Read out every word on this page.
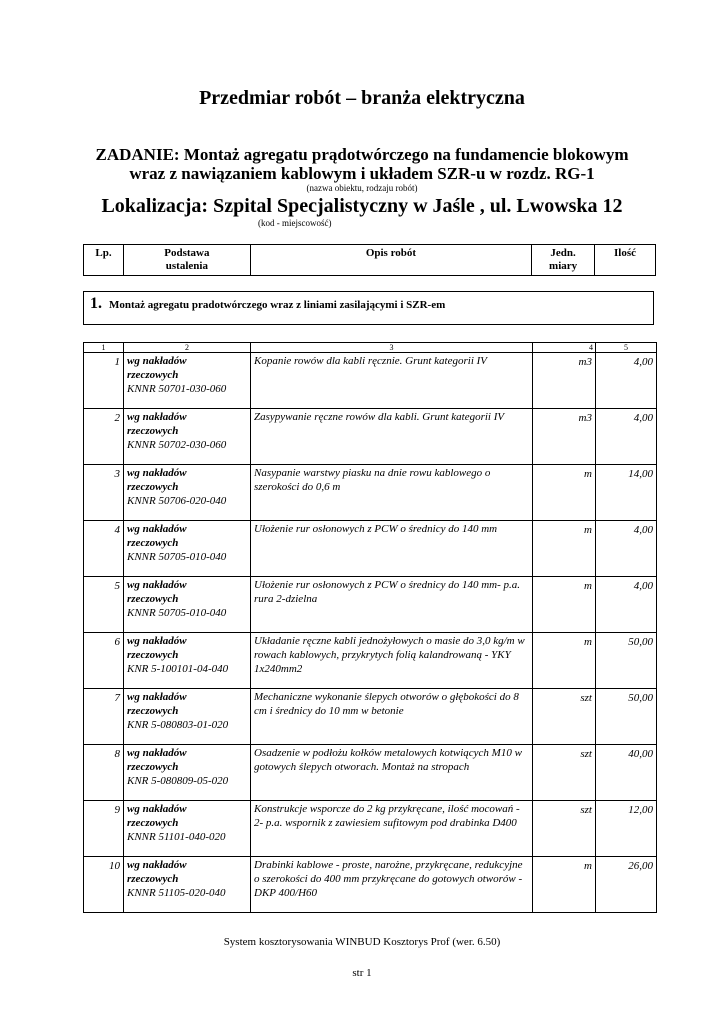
Przedmiar robót – branża elektryczna
ZADANIE: Montaż agregatu prądotwórczego na fundamencie blokowym
wraz z nawiązaniem kablowym i układem SZR-u w rozdz. RG-1
(nazwa obiektu, rodzaju robót)
Lokalizacja: Szpital Specjalistyczny w Jaśle , ul. Lwowska 12
(kod - miejscowość)
Lp.	Podstawa
ustalenia	Opis robót	Jedn.
miary	Ilość
1. Montaż agregatu pradotwórczego wraz z liniami zasilającymi i SZR-em
1	2	3	4	5
1	wg nakładów
rzeczowych
KNNR 50701-030-060	Kopanie rowów dla kabli ręcznie. Grunt kategorii IV	m3	4,00
2	wg nakładów
rzeczowych
KNNR 50702-030-060	Zasypywanie ręczne rowów dla kabli. Grunt kategorii IV	m3	4,00
3	wg nakładów
rzeczowych
KNNR 50706-020-040	Nasypanie warstwy piasku na dnie rowu kablowego o szerokości do 0,6 m	m	14,00
4	wg nakładów
rzeczowych
KNNR 50705-010-040	Ułożenie rur osłonowych z PCW o średnicy do 140 mm	m	4,00
5	wg nakładów
rzeczowych
KNNR 50705-010-040	Ułożenie rur osłonowych z PCW o średnicy do 140 mm- p.a. rura 2-dzielna	m	4,00
6	wg nakładów
rzeczowych
KNR 5-100101-04-040	Układanie ręczne kabli jednożyłowych o masie do 3,0 kg/m w rowach kablowych, przykrytych folią kalandrowaną - YKY 1x240mm2	m	50,00
7	wg nakładów
rzeczowych
KNR 5-080803-01-020	Mechaniczne wykonanie ślepych otworów o głębokości do 8 cm i średnicy do 10 mm w betonie	szt	50,00
8	wg nakładów
rzeczowych
KNR 5-080809-05-020	Osadzenie w podłożu kołków metalowych kotwiących M10 w gotowych ślepych otworach. Montaż na stropach	szt	40,00
9	wg nakładów
rzeczowych
KNNR 51101-040-020	Konstrukcje wsporcze do 2 kg przykręcane, ilość mocowań - 2- p.a. wspornik z zawiesiem sufitowym pod drabinka D400	szt	12,00
10	wg nakładów
rzeczowych
KNNR 51105-020-040	Drabinki kablowe - proste, narożne, przykręcane, redukcyjne o szerokości do 400 mm przykręcane do gotowych otworów - DKP 400/H60	m	26,00
System kosztorysowania WINBUD Kosztorys Prof (wer. 6.50)
str 1
